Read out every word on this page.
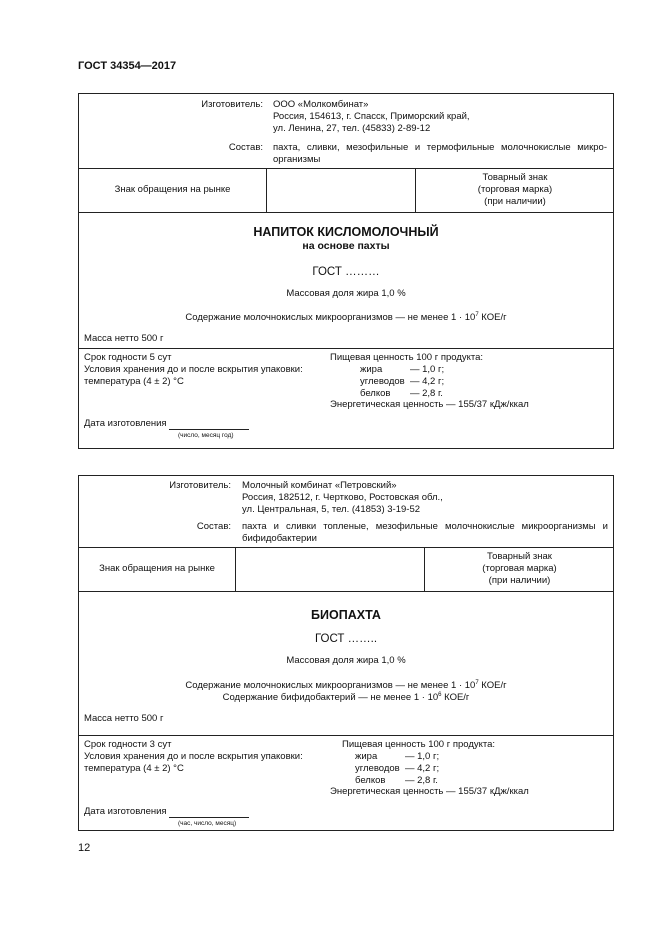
ГОСТ 34354—2017
Изготовитель: ООО «Молкомбинат»
Россия, 154613, г. Спасск, Приморский край,
ул. Ленина, 27, тел. (45833) 2-89-12
Состав: пахта, сливки, мезофильные и термофильные молочнокислые микро-организмы
Знак обращения на рынке
Товарный знак
(торговая марка)
(при наличии)
НАПИТОК КИСЛОМОЛОЧНЫЙ
на основе пахты
ГОСТ ………
Массовая доля жира 1,0 %
Содержание молочнокислых микроорганизмов — не менее $1 \cdot 10^7$ КОЕ/г
Масса нетто 500 г
Срок годности 5 сут
Условия хранения до и после вскрытия упаковки:
температура (4 ± 2) °С
Пищевая ценность 100 г продукта:
жира	— 1,0 г;
углеводов — 4,2 г;
белков — 2,8 г.
Энергетическая ценность — 155/37 кДж/ккал
Дата изготовления
(число, месяц год)
Изготовитель: Молочный комбинат «Петровский»
Россия, 182512, г. Чертково, Ростовская обл.,
ул. Центральная, 5, тел. (41853) 3-19-52
Состав: пахта и сливки топленые, мезофильные молочнокислые микроорганизмы и бифидобактерии
Знак обращения на рынке
Товарный знак
(торговая марка)
(при наличии)
БИОПАХТА
ГОСТ ……..
Массовая доля жира 1,0 %
Содержание молочнокислых микроорганизмов — не менее $1 \cdot 10^7$ КОЕ/г
Содержание бифидобактерий — не менее $1 \cdot 10^6$ КОЕ/г
Масса нетто 500 г
Срок годности 3 сут
Условия хранения до и после вскрытия упаковки:
температура (4 ± 2) °С
Пищевая ценность 100 г продукта:
жира	— 1,0 г;
углеводов — 4,2 г;
белков — 2,8 г.
Энергетическая ценность — 155/37 кДж/ккал
Дата изготовления
(час, число, месяц)
12
